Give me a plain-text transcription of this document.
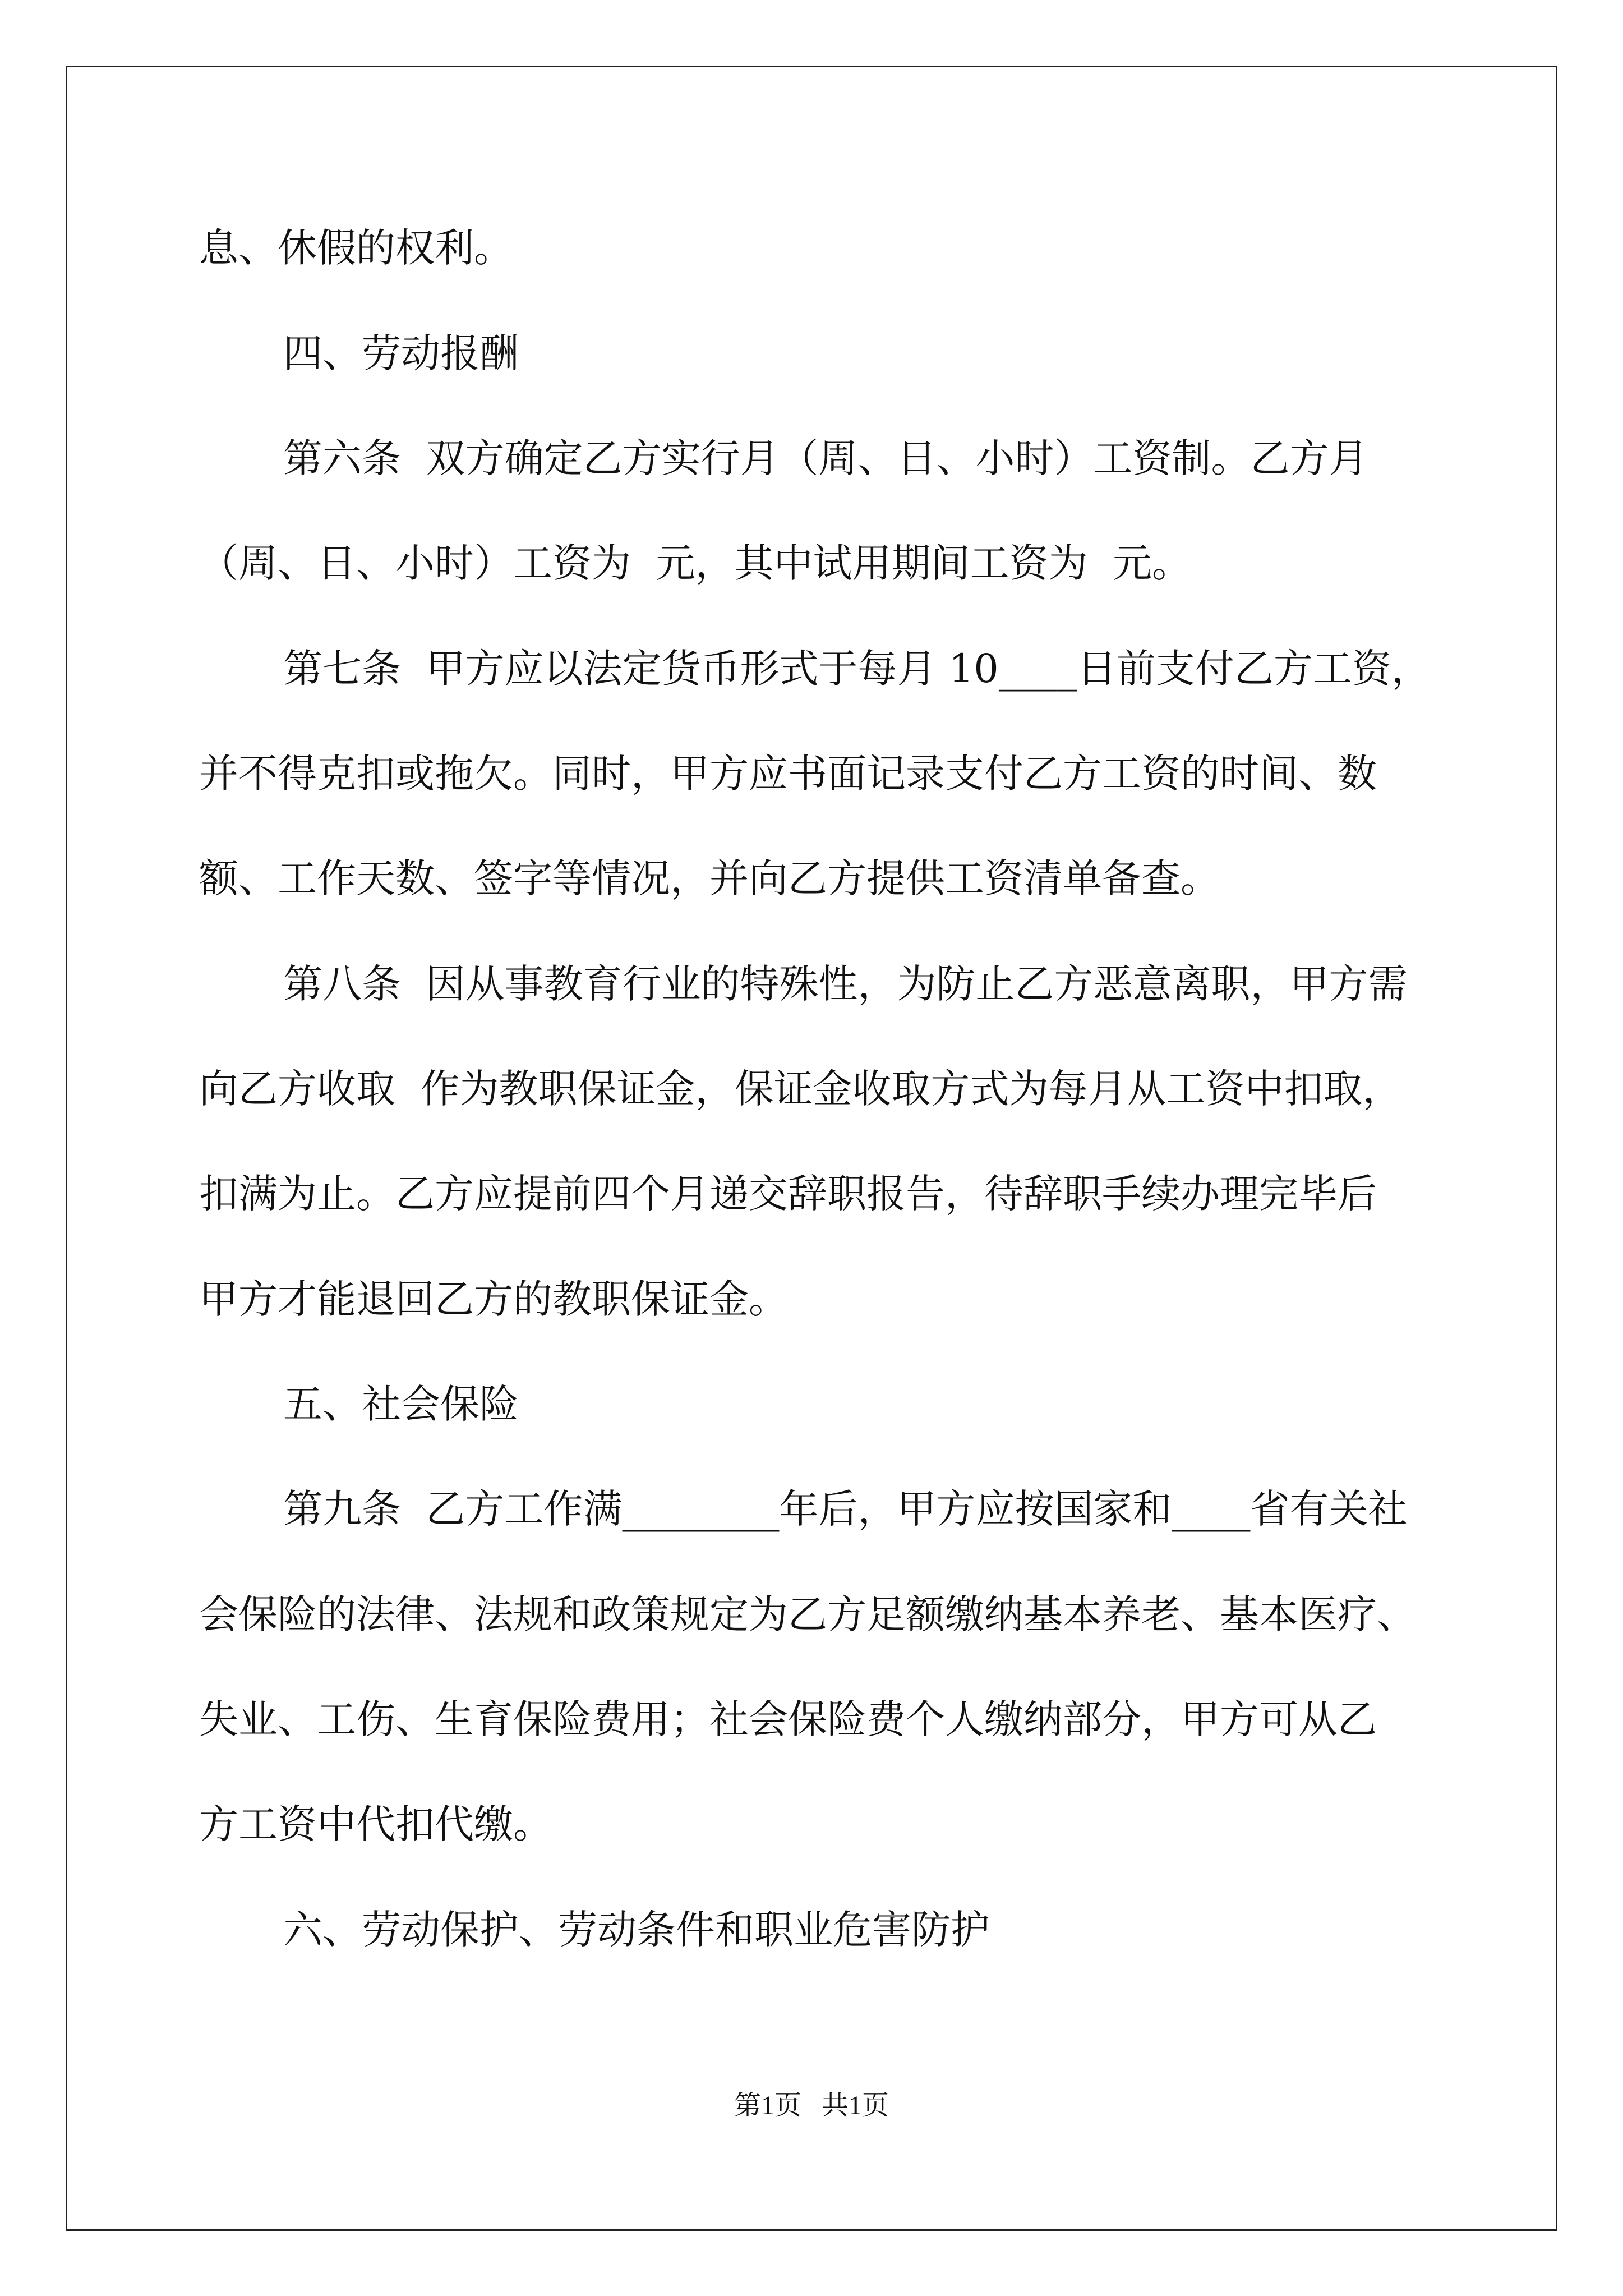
息、休假的权利。

四、劳动报酬

第六条  双方确定乙方实行月（周、日、小时）工资制。乙方月

（周、日、小时）工资为  元，其中试用期间工资为  元。

第七条  甲方应以法定货币形式于每月 10____日前支付乙方工资，

并不得克扣或拖欠。同时，甲方应书面记录支付乙方工资的时间、数

额、工作天数、签字等情况，并向乙方提供工资清单备查。

第八条  因从事教育行业的特殊性，为防止乙方恶意离职，甲方需

向乙方收取  作为教职保证金，保证金收取方式为每月从工资中扣取，

扣满为止。乙方应提前四个月递交辞职报告，待辞职手续办理完毕后

甲方才能退回乙方的教职保证金。

五、社会保险

第九条  乙方工作满________年后，甲方应按国家和____省有关社

会保险的法律、法规和政策规定为乙方足额缴纳基本养老、基本医疗、

失业、工伤、生育保险费用；社会保险费个人缴纳部分，甲方可从乙

方工资中代扣代缴。

六、劳动保护、劳动条件和职业危害防护

第1页   共1页
